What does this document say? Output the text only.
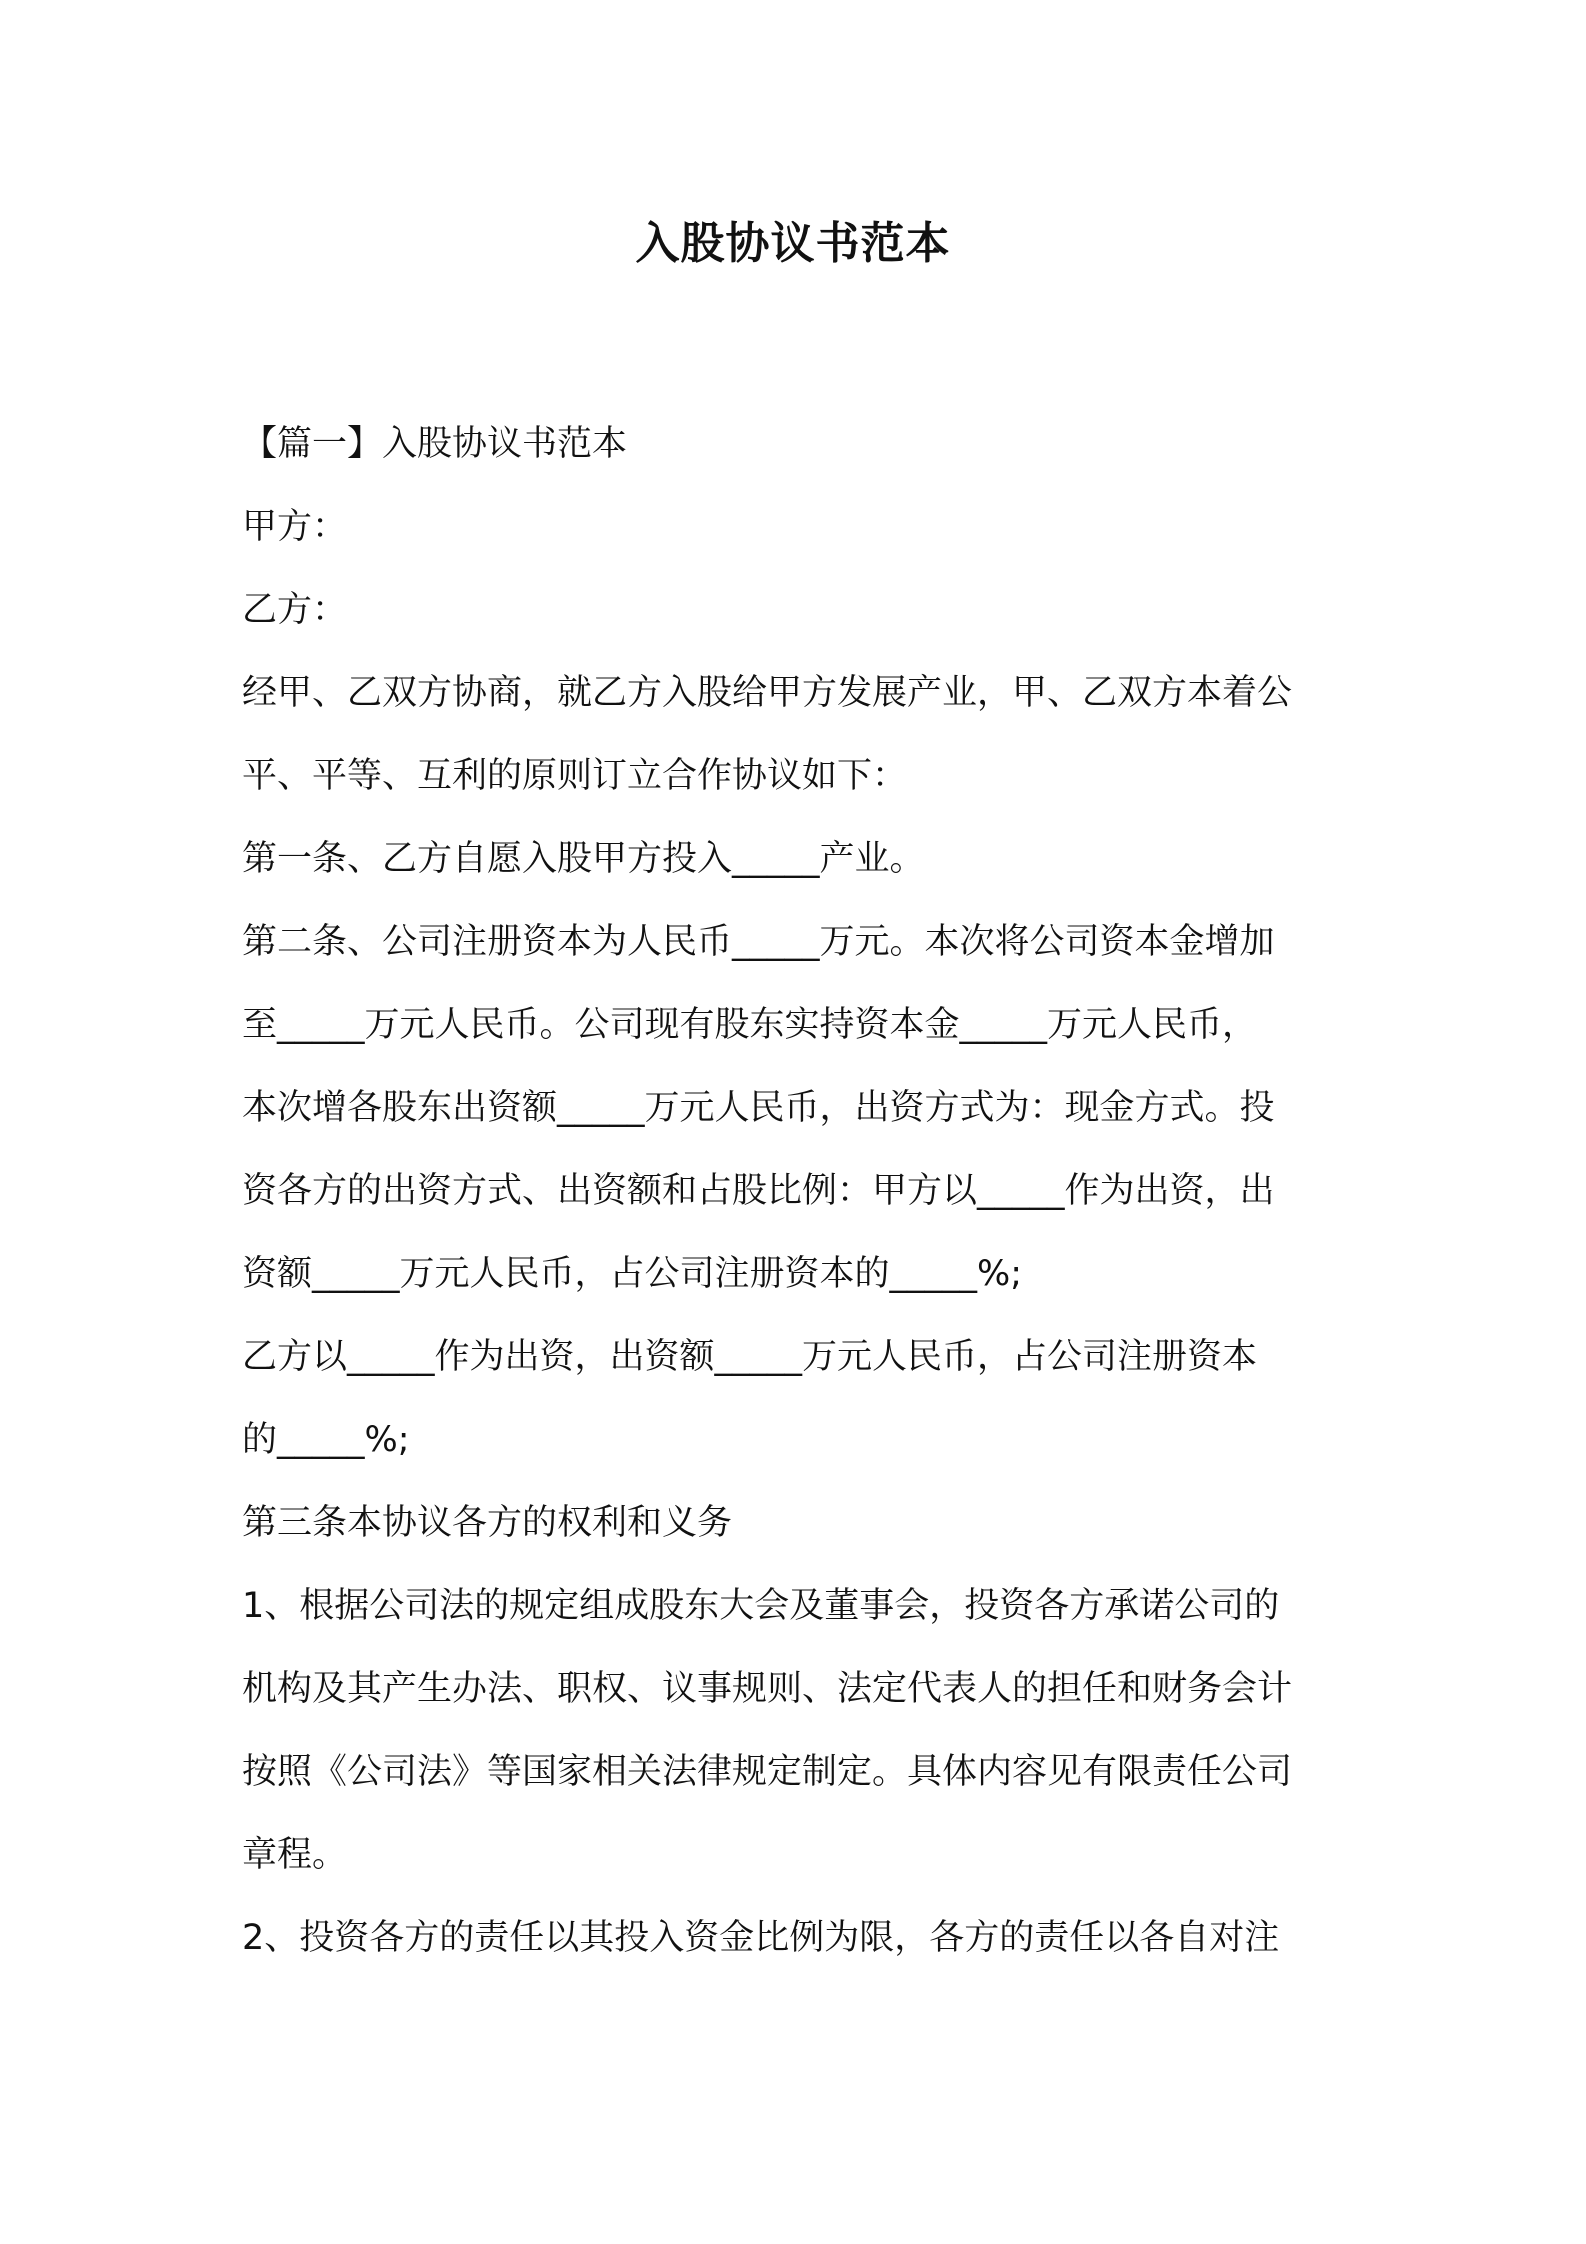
入股协议书范本

【篇一】入股协议书范本

甲方：

乙方：

经甲、乙双方协商，就乙方入股给甲方发展产业，甲、乙双方本着公

平、平等、互利的原则订立合作协议如下：

第一条、乙方自愿入股甲方投入_____产业。

第二条、公司注册资本为人民币_____万元。本次将公司资本金增加

至_____万元人民币。公司现有股东实持资本金_____万元人民币，

本次增各股东出资额_____万元人民币，出资方式为：现金方式。投

资各方的出资方式、出资额和占股比例：甲方以_____作为出资，出

资额_____万元人民币，占公司注册资本的_____%;

乙方以_____作为出资，出资额_____万元人民币，占公司注册资本

的_____%;

第三条本协议各方的权利和义务

1、根据公司法的规定组成股东大会及董事会，投资各方承诺公司的

机构及其产生办法、职权、议事规则、法定代表人的担任和财务会计

按照《公司法》等国家相关法律规定制定。具体内容见有限责任公司

章程。

2、投资各方的责任以其投入资金比例为限，各方的责任以各自对注
